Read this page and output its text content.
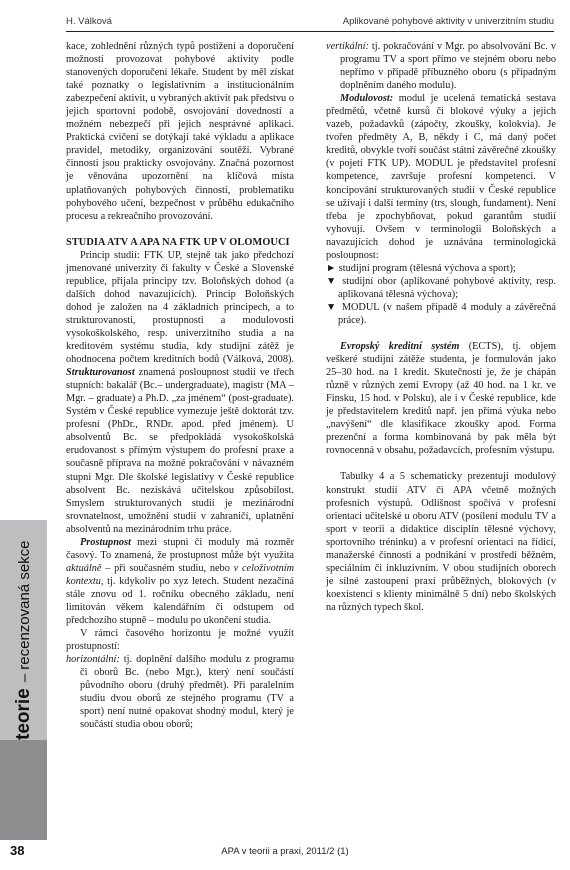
H. Válková	Aplikované pohybové aktivity v univerzitním studiu
teorie– recenzovaná sekce
38

kace, zohlednění různých typů postižení a doporučení možností provozovat pohybové aktivity podle stanovených doporučení lékaře. Student by měl získat také poznatky o legislativním a institucionálním zabezpečení aktivit, u vybraných aktivit pak předstvu o jejich sportovní podobě, osvojování dovedností a možném nebezpečí při jejich nesprávné aplikaci. Praktická cvičení se dotýkají také výkladu a aplikace pravidel, metodiky, organizování soutěží. Vybrané činnosti jsou prakticky osvojovány. Značná pozornost je věnována upozornění na klíčová místa uplatňovaných pohybových činností, problematiku pohybového učení, bezpečnost v průběhu edukačního procesu a rekreačního provozování.

STUDIA ATV A APA NA FTK UP V OLOMOUCI

Princip studií: FTK UP, stejně tak jako předchozí jmenované univerzity či fakulty v České a Slovenské republice, přijala principy tzv. Boloňských dohod (a dalších dohod navazujících). Princip Boloňských dohod je založen na 4 základních principech, a to strukturovanosti, prostupnosti a modulovosti vysokoškolského, resp. univerzitního studia a na kreditovém systému studia, kdy studijní zátěž je ohodnocena počtem kreditních bodů (Válková, 2008). Strukturovanost znamená posloupnost studií ve třech stupních: bakalář (Bc.– undergraduate), magistr (MA – Mgr. – graduate) a Ph.D. „za jménem“ (post-graduate). Systém v České republice vymezuje ještě doktorát tzv. profesní (PhDr., RNDr. apod. před jménem). U absolventů Bc. se předpokládá vysokoškolská erudovanost s přímým výstupem do profesní praxe a současně příprava na možné pokračování v návazném stupni Mgr. Dle školské legislativy v České republice absolvent Bc. nezískává učitelskou způsobilost. Smyslem strukturovaných studií je mezinárodní srovnatelnost, umožnění studií v zahraničí, uplatnění absolventů na mezinárodním trhu práce.

Prostupnost mezi stupni či moduly má rozměr časový. To znamená, že prostupnost může být využita aktuálně – při současném studiu, nebo v celoživotním kontextu, tj. kdykoliv po xyz letech. Student nezačíná stále znovu od 1. ročníku obecného základu, není limitován věkem kalendářním či odstupem od předchozího stupně – modulu po ukončení studia.

V rámci časového horizontu je možné využít prostupností:

horizontální: tj. doplnění dalšího modulu z programu či oborů Bc. (nebo Mgr.), který není součástí původního oboru (druhý předmět). Při paralelním studiu dvou oborů ze stejného programu (TV a sport) není nutné opakovat shodný modul, který je součástí studia obou oborů;

vertikální: tj. pokračování v Mgr. po absolvování Bc. v programu TV a sport přímo ve stejném oboru nebo nepřímo v případě příbuzného oboru (s případným doplněním daného modulu).

Modulovost: modul je ucelená tematická sestava předmětů, včetně kursů či blokové výuky a jejich vazeb, požadavků (zápočty, zkoušky, kolokvia). Je tvořen předměty A, B, někdy i C, má daný počet kreditů, obvykle tvoří součást státní závěrečné zkoušky (v pojetí FTK UP). MODUL je představitel profesní kompetence, završuje profesní kompetenci. V koncipování strukturovaných studií v České republice se užívají i další termíny (trs, slough, fundament). Není třeba je zpochybňovat, pokud garantům studií vyhovují. Ovšem v terminologii Boloňských a navazujících dohod je uznávána terminologická posloupnost:

► studijní program (tělesná výchova a sport);

▼ studijní obor (aplikované pohybové aktivity, resp. aplikovaná tělesná výchova);

▼ MODUL (v našem případě 4 moduly a závěrečná práce).

Evropský kreditní systém (ECTS), tj. objem veškeré studijní zátěže studenta, je formulován jako 25–30 hod. na 1 kredit. Skutečností je, že je chápán různě v různých zemí Evropy (až 40 hod. na 1 kr. ve Finsku, 15 hod. v Polsku), ale i v České republice, kde je představitelem kreditů např. jen přímá výuka nebo „navýšení“ dle klasifikace zkoušky apod. Forma prezenční a forma kombinovaná by pak měla být rovnocenná v obsahu, požadavcích, profesním výstupu.

Tabulky 4 a 5 schematicky prezentují modulový konstrukt studií ATV či APA včetně možných profesních výstupů. Odlišnost spočívá v profesní orientaci učitelské u oboru ATV (posílení modulu TV a sport v teorii a didaktice disciplín tělesné výchovy, sportovního tréninku) a v profesní orientaci na řídicí, manažerské činnosti a podnikání v prostředí běžném, speciálním či inkluzivním. V obou studijních oborech je silné zastoupení praxí průběžných, blokových (v koexistenci s klienty minimálně 5 dní) nebo školských na různých typech škol.

APA v teorii a praxi, 2011/2 (1)
